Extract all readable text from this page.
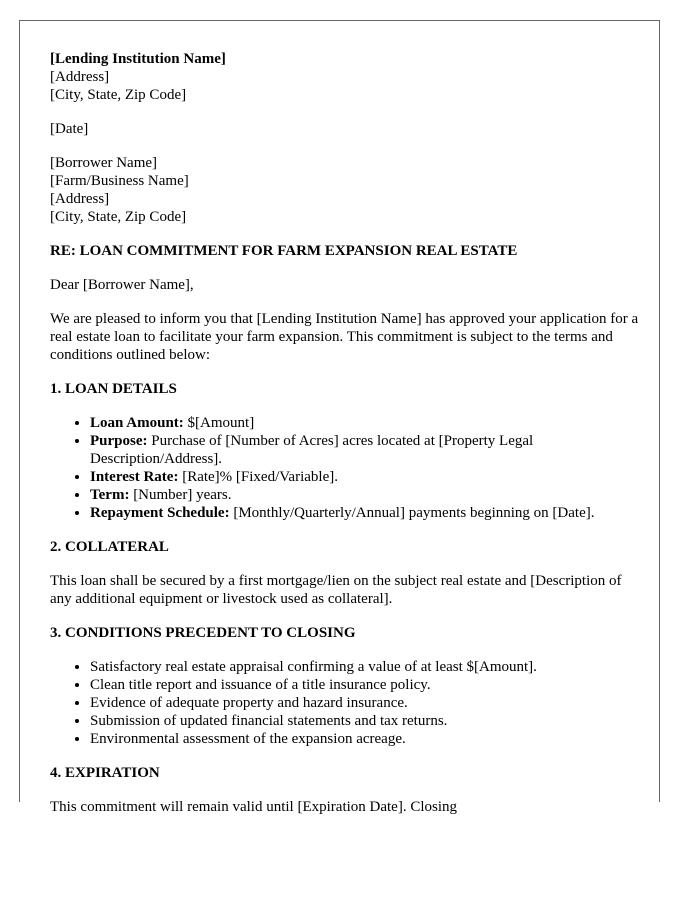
[Lending Institution Name]

[Address]

[City, State, Zip Code]

[Date]

[Borrower Name]

[Farm/Business Name]

[Address]

[City, State, Zip Code]

RE: LOAN COMMITMENT FOR FARM EXPANSION REAL ESTATE

Dear [Borrower Name],

We are pleased to inform you that [Lending Institution Name] has approved your application for a real estate loan to facilitate your farm expansion. This commitment is subject to the terms and conditions outlined below:

1. LOAN DETAILS
• Loan Amount: $[Amount]
• Purpose: Purchase of [Number of Acres] acres located at [Property Legal Description/Address].
• Interest Rate: [Rate]% [Fixed/Variable].
• Term: [Number] years.
• Repayment Schedule: [Monthly/Quarterly/Annual] payments beginning on [Date].
2. COLLATERAL

This loan shall be secured by a first mortgage/lien on the subject real estate and [Description of any additional equipment or livestock used as collateral].

3. CONDITIONS PRECEDENT TO CLOSING
• Satisfactory real estate appraisal confirming a value of at least $[Amount].
• Clean title report and issuance of a title insurance policy.
• Evidence of adequate property and hazard insurance.
• Submission of updated financial statements and tax returns.
• Environmental assessment of the expansion acreage.
4. EXPIRATION

This commitment will remain valid until [Expiration Date]. Closing
